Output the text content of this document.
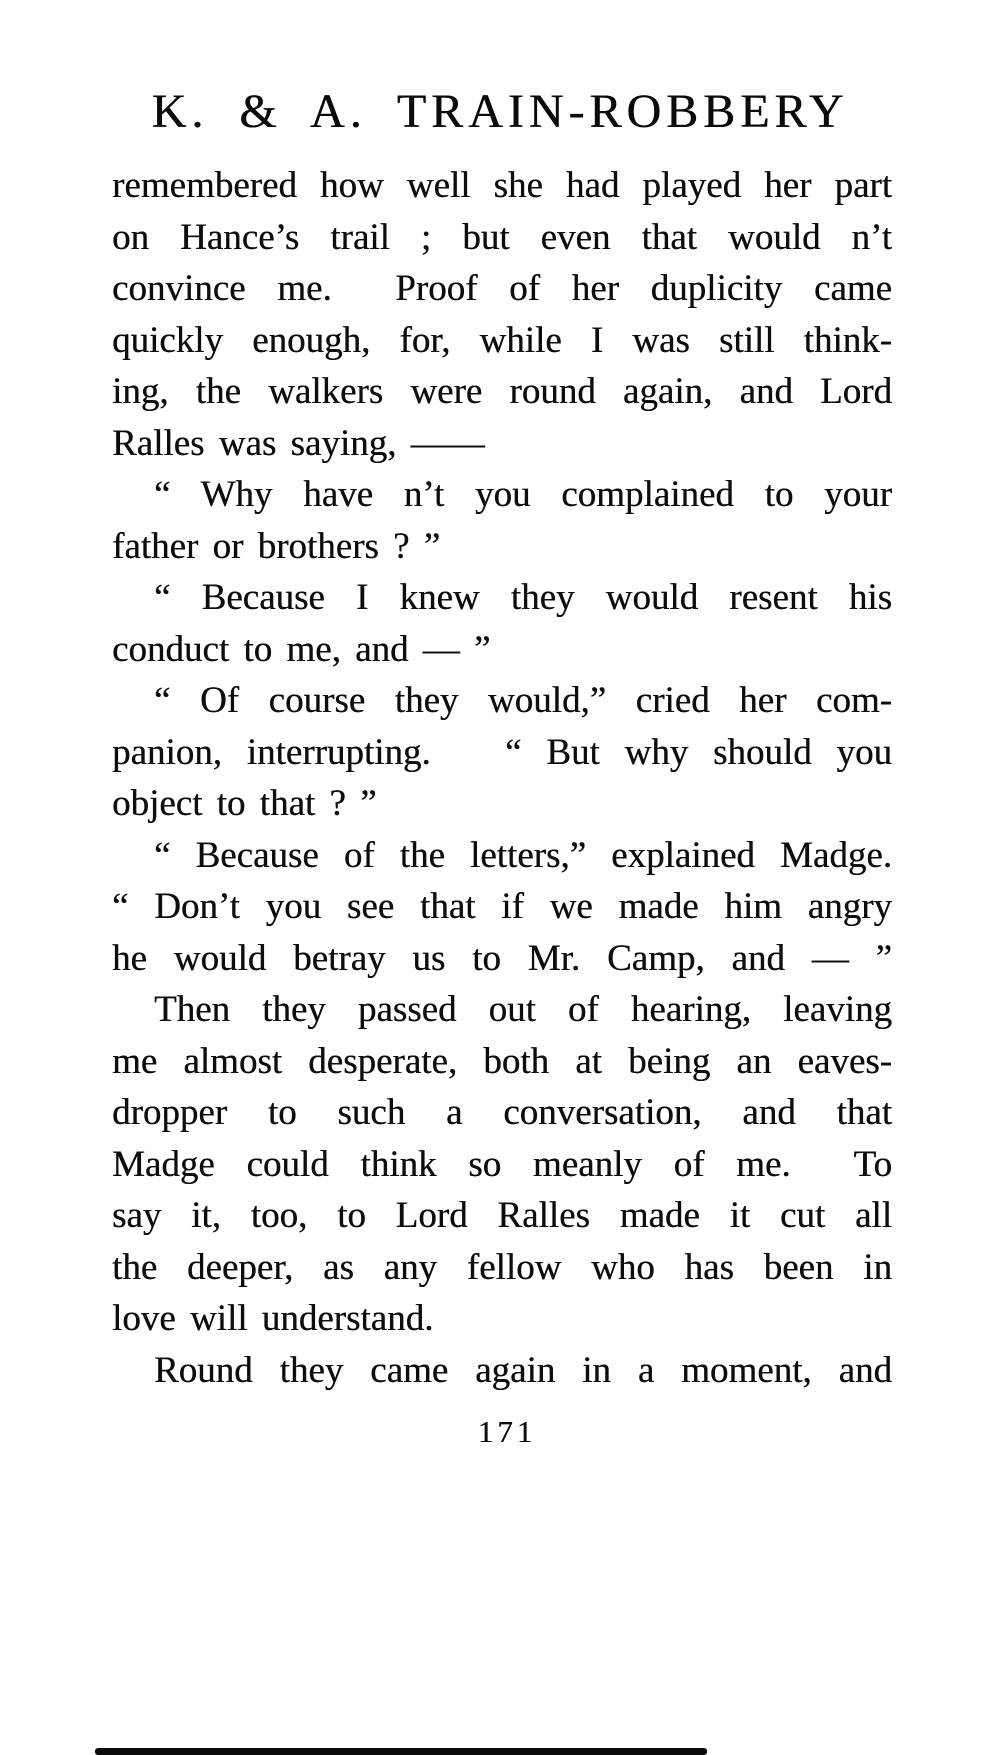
K. & A. TRAIN-ROBBERY
remembered how well she had played her part
on Hance’s trail ; but even that would n’t
convince me.  Proof of her duplicity came
quickly enough, for, while I was still think-
ing, the walkers were round again, and Lord
Ralles was saying, ——
“ Why have n’t you complained to your
father or brothers ? ”
“ Because I knew they would resent his
conduct to me, and — ”
“ Of course they would,” cried her com-
panion, interrupting.   “ But why should you
object to that ? ”
“ Because of the letters,” explained Madge.
“ Don’t you see that if we made him angry
he would betray us to Mr. Camp, and — ”
Then they passed out of hearing, leaving
me almost desperate, both at being an eaves-
dropper to such a conversation, and that
Madge could think so meanly of me.  To
say it, too, to Lord Ralles made it cut all
the deeper, as any fellow who has been in
love will understand.
Round they came again in a moment, and
171
